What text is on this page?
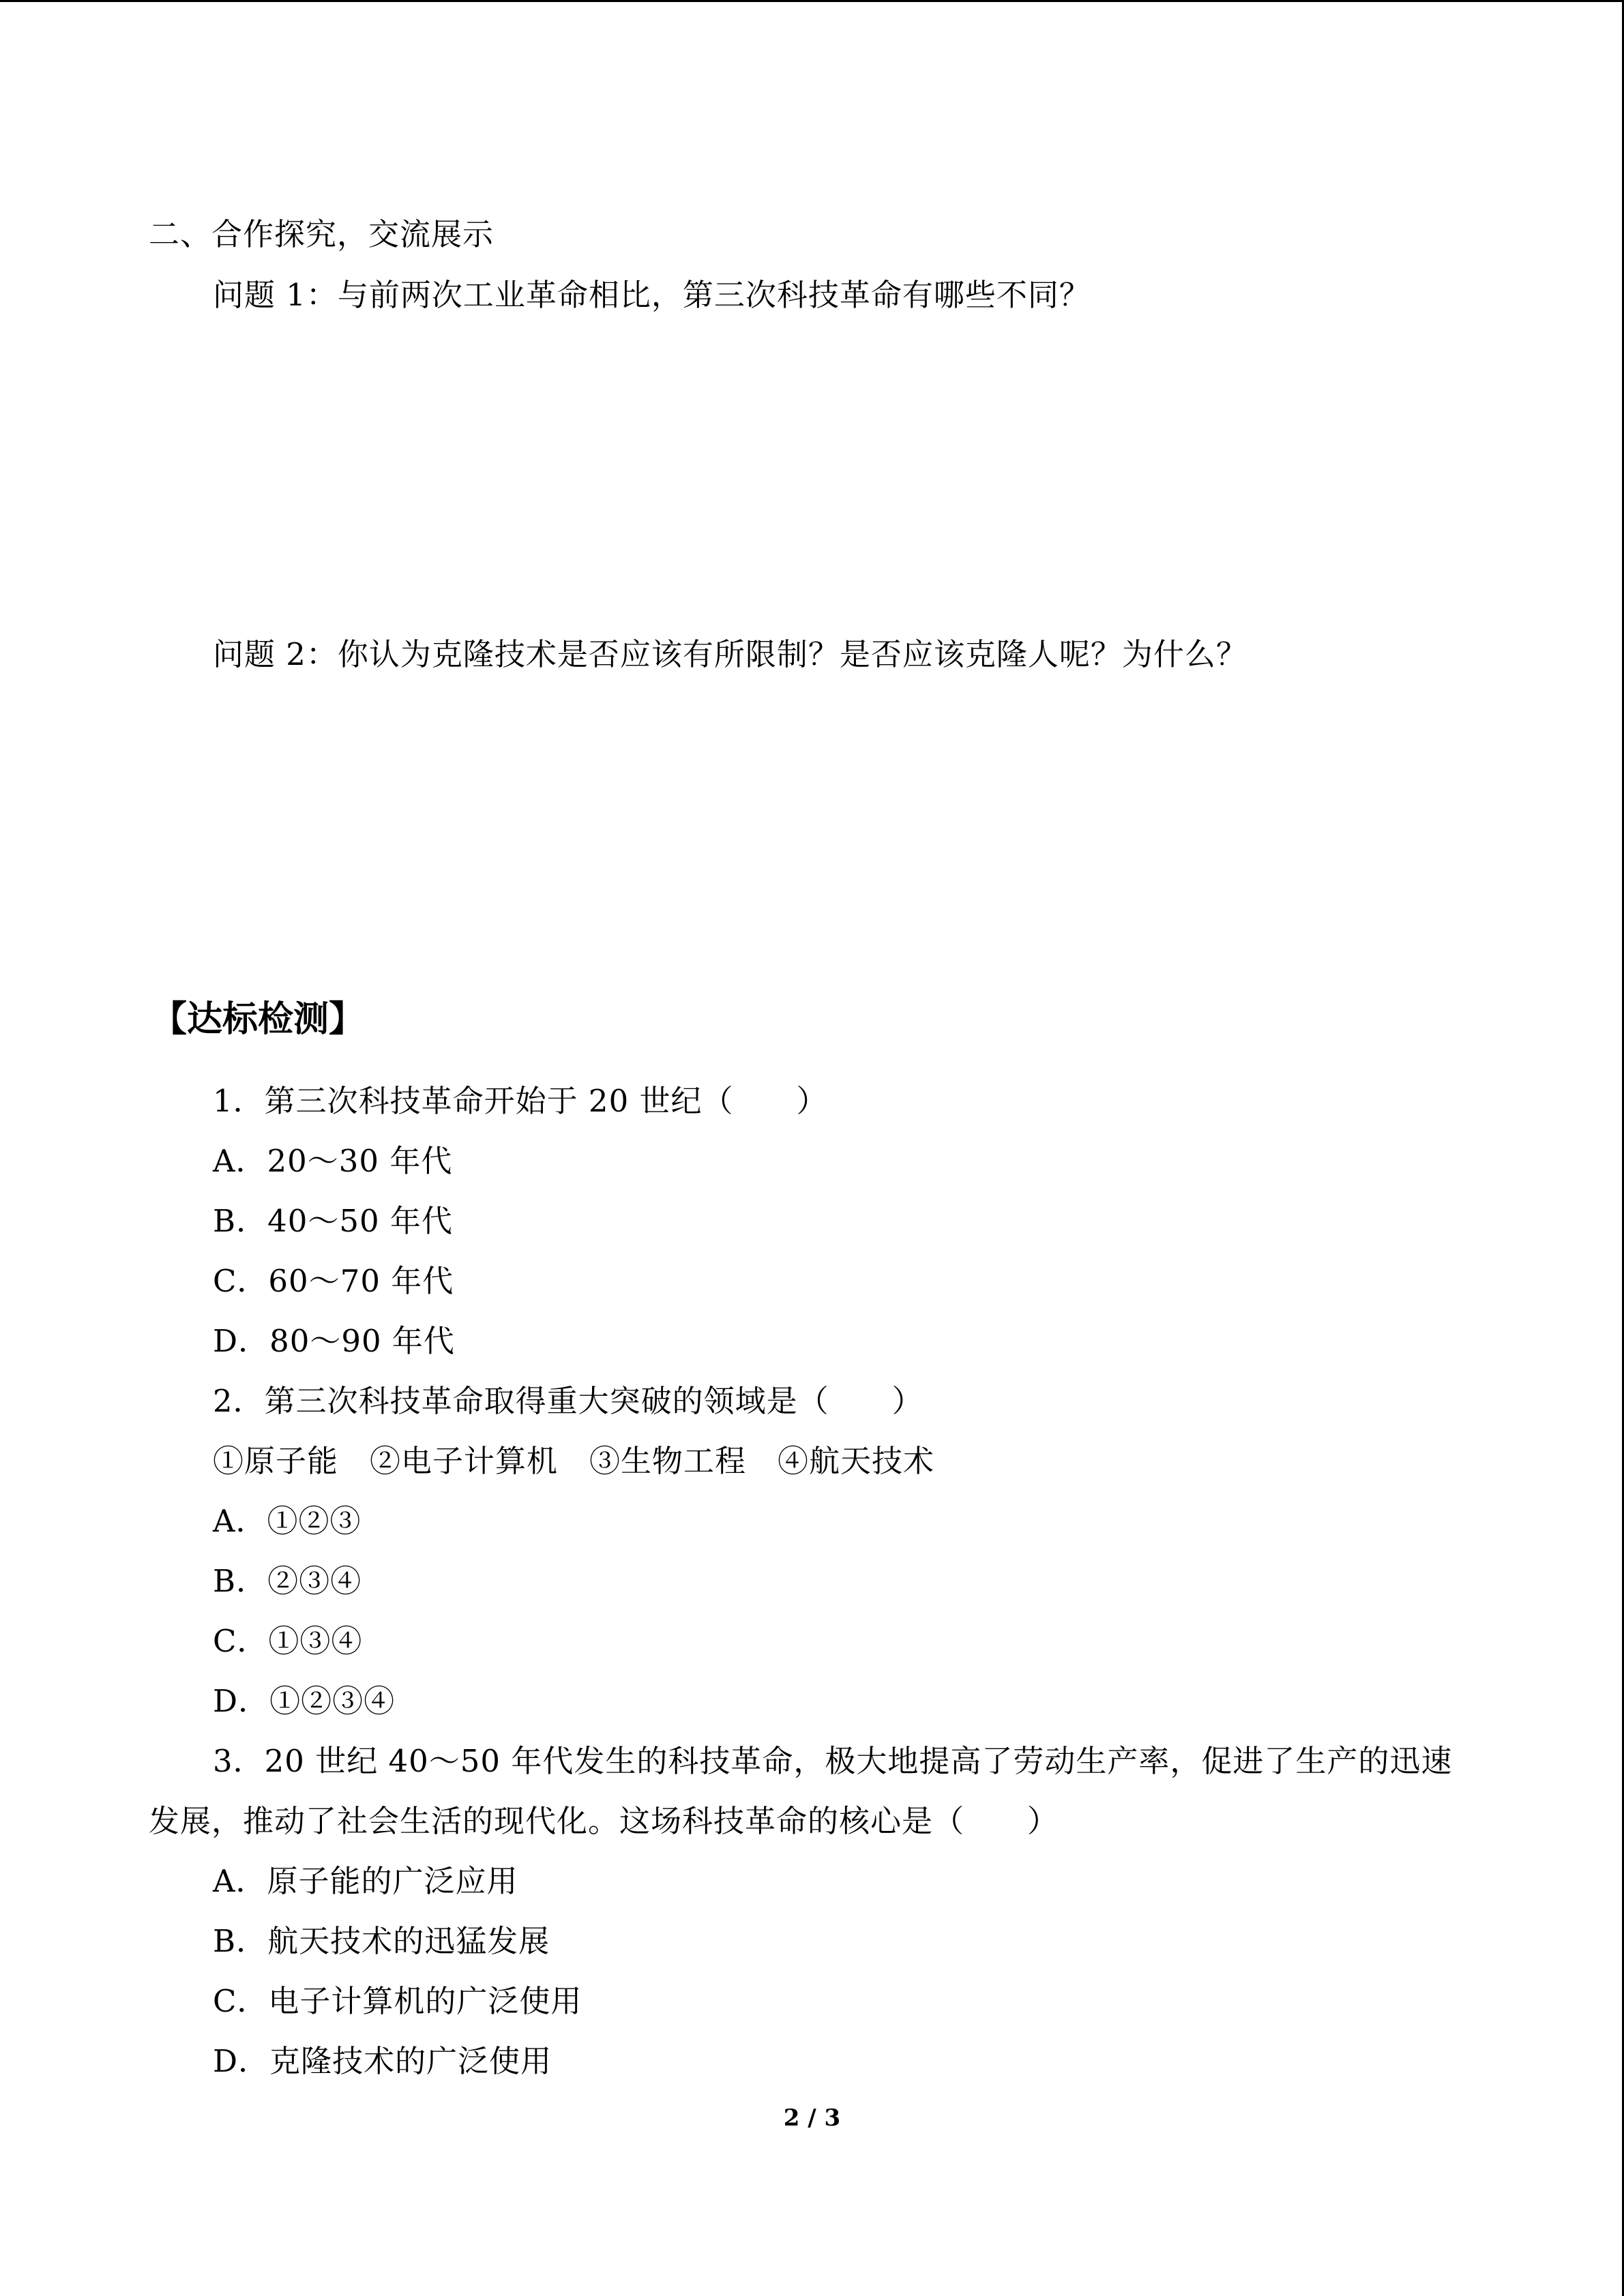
二、合作探究，交流展示
问题 1：与前两次工业革命相比，第三次科技革命有哪些不同？
问题 2：你认为克隆技术是否应该有所限制？是否应该克隆人呢？为什么？
【达标检测】
1．第三次科技革命开始于 20 世纪（　　）
A．20～30 年代
B．40～50 年代
C．60～70 年代
D．80～90 年代
2．第三次科技革命取得重大突破的领域是（　　）
①原子能　②电子计算机　③生物工程　④航天技术
A．①②③
B．②③④
C．①③④
D．①②③④
3．20 世纪 40～50 年代发生的科技革命，极大地提高了劳动生产率，促进了生产的迅速
发展，推动了社会生活的现代化。这场科技革命的核心是（　　）
A．原子能的广泛应用
B．航天技术的迅猛发展
C．电子计算机的广泛使用
D．克隆技术的广泛使用
2 / 3
